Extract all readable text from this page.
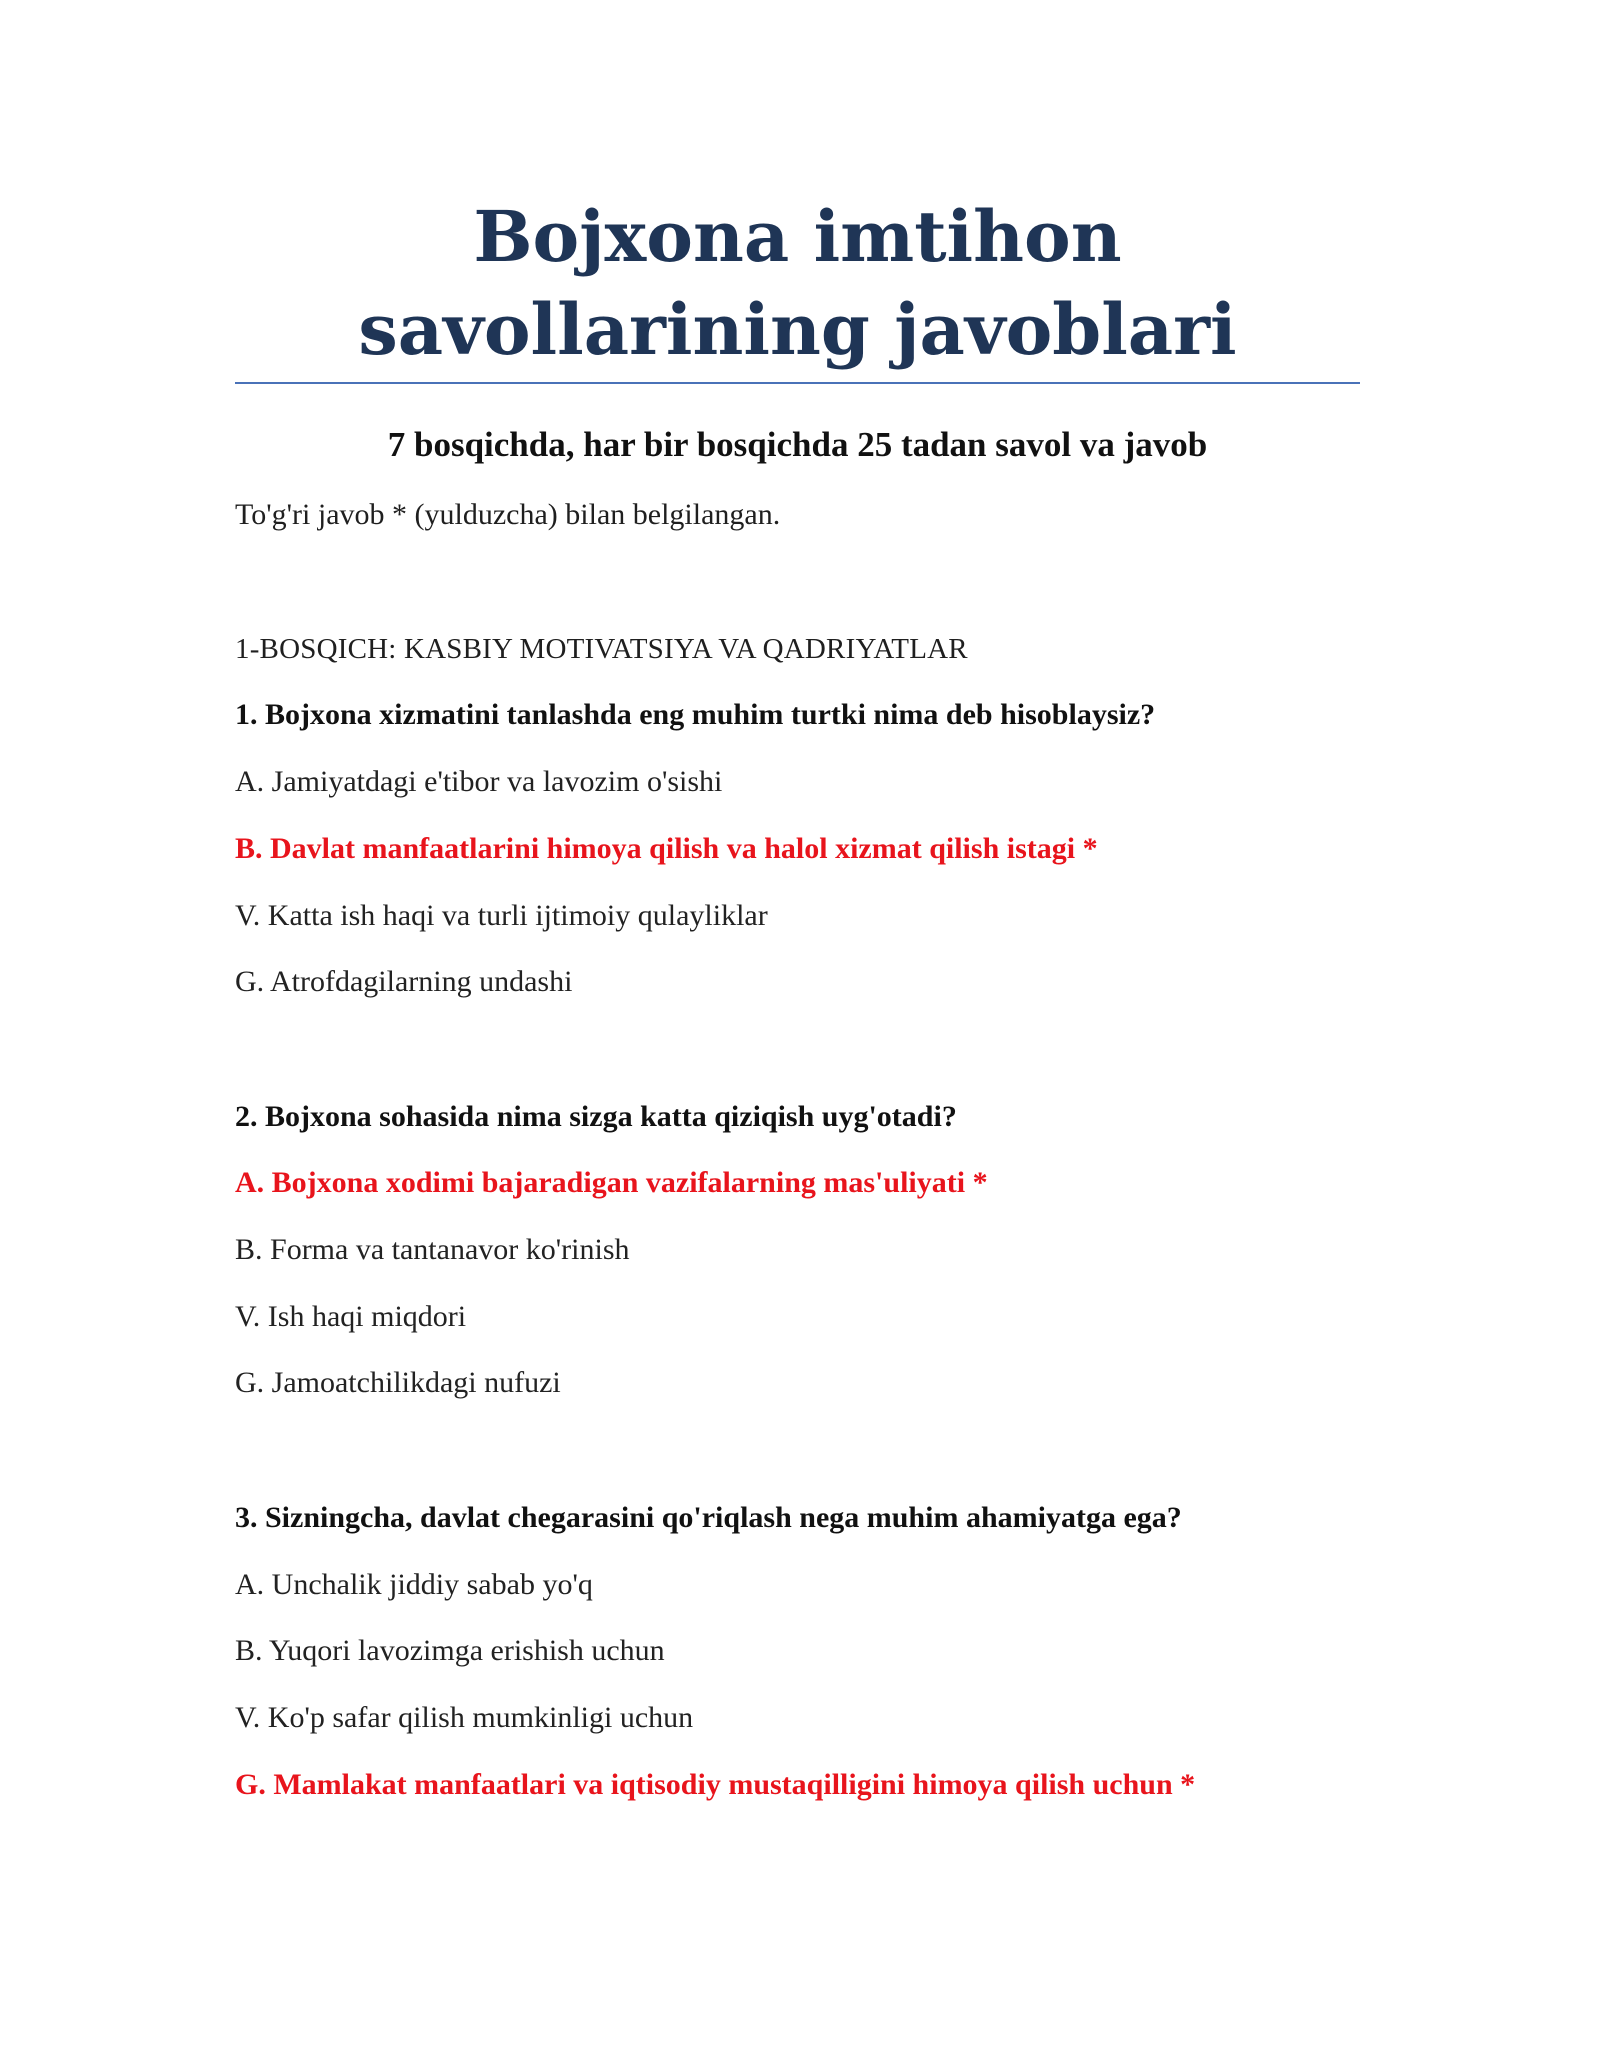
Bojxona imtihon savollarining javoblari
7 bosqichda, har bir bosqichda 25 tadan savol va javob
To'g'ri javob * (yulduzcha) bilan belgilangan.
1-BOSQICH: KASBIY MOTIVATSIYA VA QADRIYATLAR
1. Bojxona xizmatini tanlashda eng muhim turtki nima deb hisoblaysiz?
A. Jamiyatdagi e'tibor va lavozim o'sishi
B. Davlat manfaatlarini himoya qilish va halol xizmat qilish istagi *
V. Katta ish haqi va turli ijtimoiy qulayliklar
G. Atrofdagilarning undashi
2. Bojxona sohasida nima sizga katta qiziqish uyg'otadi?
A. Bojxona xodimi bajaradigan vazifalarning mas'uliyati *
B. Forma va tantanavor ko'rinish
V. Ish haqi miqdori
G. Jamoatchilikdagi nufuzi
3. Sizningcha, davlat chegarasini qo'riqlash nega muhim ahamiyatga ega?
A. Unchalik jiddiy sabab yo'q
B. Yuqori lavozimga erishish uchun
V. Ko'p safar qilish mumkinligi uchun
G. Mamlakat manfaatlari va iqtisodiy mustaqilligini himoya qilish uchun *
